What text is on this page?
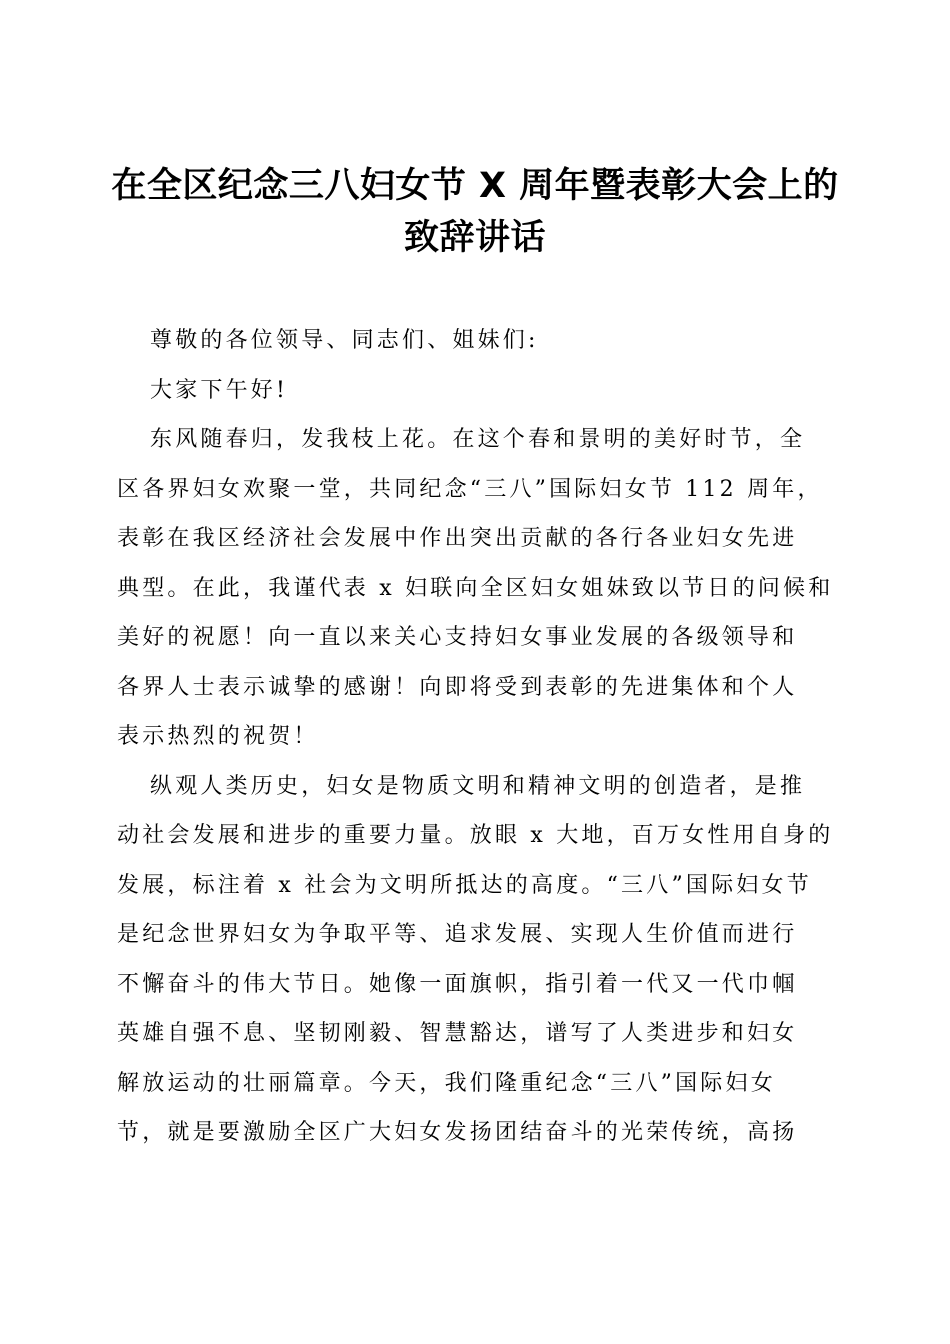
在全区纪念三八妇女节 X 周年暨表彰大会上的
致辞讲话
尊敬的各位领导、同志们、姐妹们:
大家下午好!
东风随春归，发我枝上花。在这个春和景明的美好时节，全
区各界妇女欢聚一堂，共同纪念“三八”国际妇女节 112 周年，
表彰在我区经济社会发展中作出突出贡献的各行各业妇女先进
典型。在此，我谨代表 x 妇联向全区妇女姐妹致以节日的问候和
美好的祝愿！向一直以来关心支持妇女事业发展的各级领导和
各界人士表示诚挚的感谢！向即将受到表彰的先进集体和个人
表示热烈的祝贺！
纵观人类历史，妇女是物质文明和精神文明的创造者，是推
动社会发展和进步的重要力量。放眼 x 大地，百万女性用自身的
发展，标注着 x 社会为文明所抵达的高度。“三八”国际妇女节
是纪念世界妇女为争取平等、追求发展、实现人生价值而进行
不懈奋斗的伟大节日。她像一面旗帜，指引着一代又一代巾帼
英雄自强不息、坚韧刚毅、智慧豁达，谱写了人类进步和妇女
解放运动的壮丽篇章。今天，我们隆重纪念“三八”国际妇女
节，就是要激励全区广大妇女发扬团结奋斗的光荣传统，高扬
